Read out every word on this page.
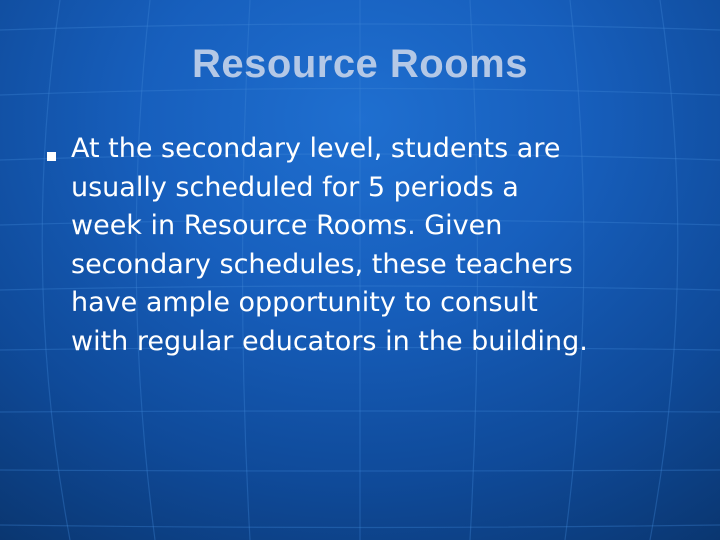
Resource Rooms
At the secondary level, students are
usually scheduled for 5 periods a
week in Resource Rooms. Given
secondary schedules, these teachers
have ample opportunity to consult
with regular educators in the building.
